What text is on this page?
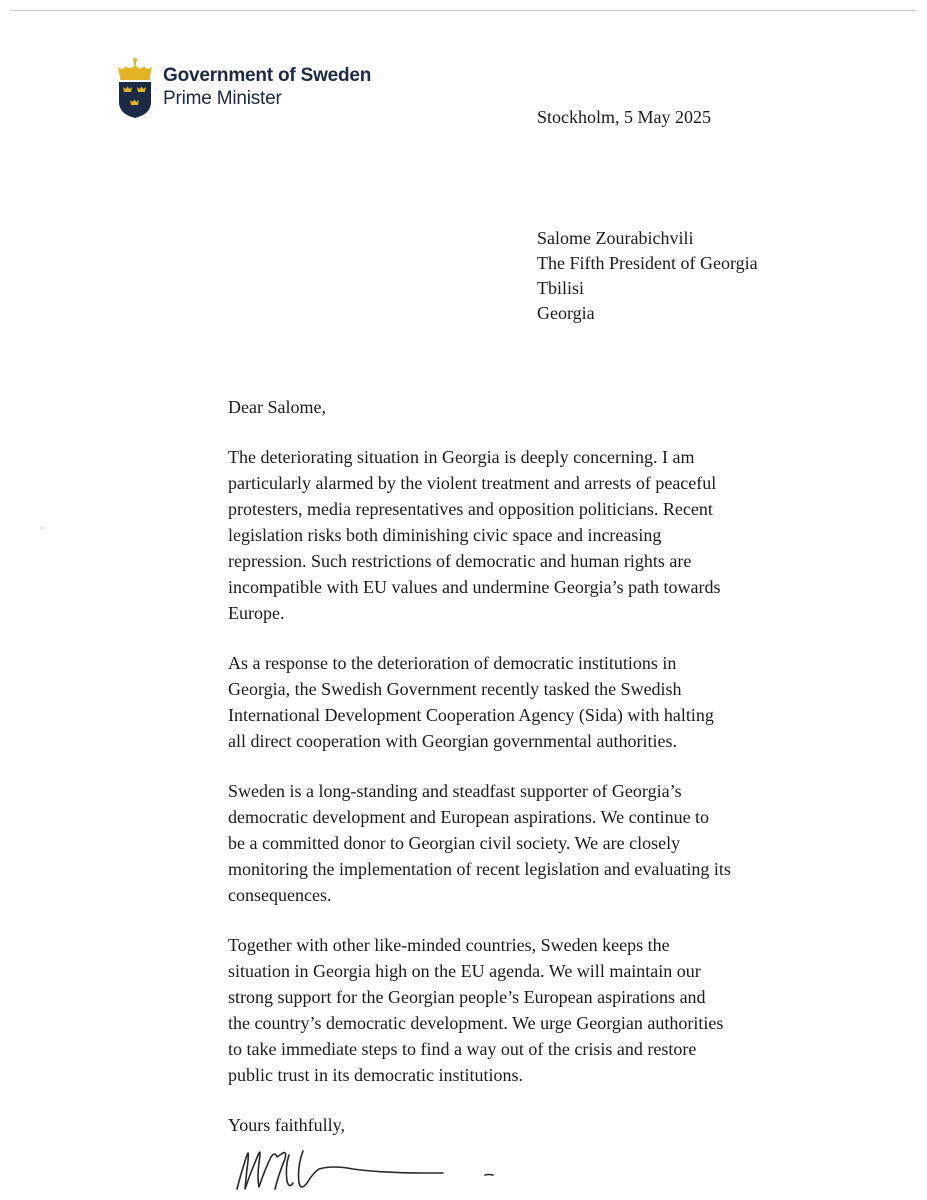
Government of Sweden
Prime Minister
Stockholm, 5 May 2025
Salome Zourabichvili
The Fifth President of Georgia
Tbilisi
Georgia
Dear Salome,
The deteriorating situation in Georgia is deeply concerning. I am
particularly alarmed by the violent treatment and arrests of peaceful
protesters, media representatives and opposition politicians. Recent
legislation risks both diminishing civic space and increasing
repression. Such restrictions of democratic and human rights are
incompatible with EU values and undermine Georgia’s path towards
Europe.
As a response to the deterioration of democratic institutions in
Georgia, the Swedish Government recently tasked the Swedish
International Development Cooperation Agency (Sida) with halting
all direct cooperation with Georgian governmental authorities.
Sweden is a long-standing and steadfast supporter of Georgia’s
democratic development and European aspirations. We continue to
be a committed donor to Georgian civil society. We are closely
monitoring the implementation of recent legislation and evaluating its
consequences.
Together with other like-minded countries, Sweden keeps the
situation in Georgia high on the EU agenda. We will maintain our
strong support for the Georgian people’s European aspirations and
the country’s democratic development. We urge Georgian authorities
to take immediate steps to find a way out of the crisis and restore
public trust in its democratic institutions.
Yours faithfully,
